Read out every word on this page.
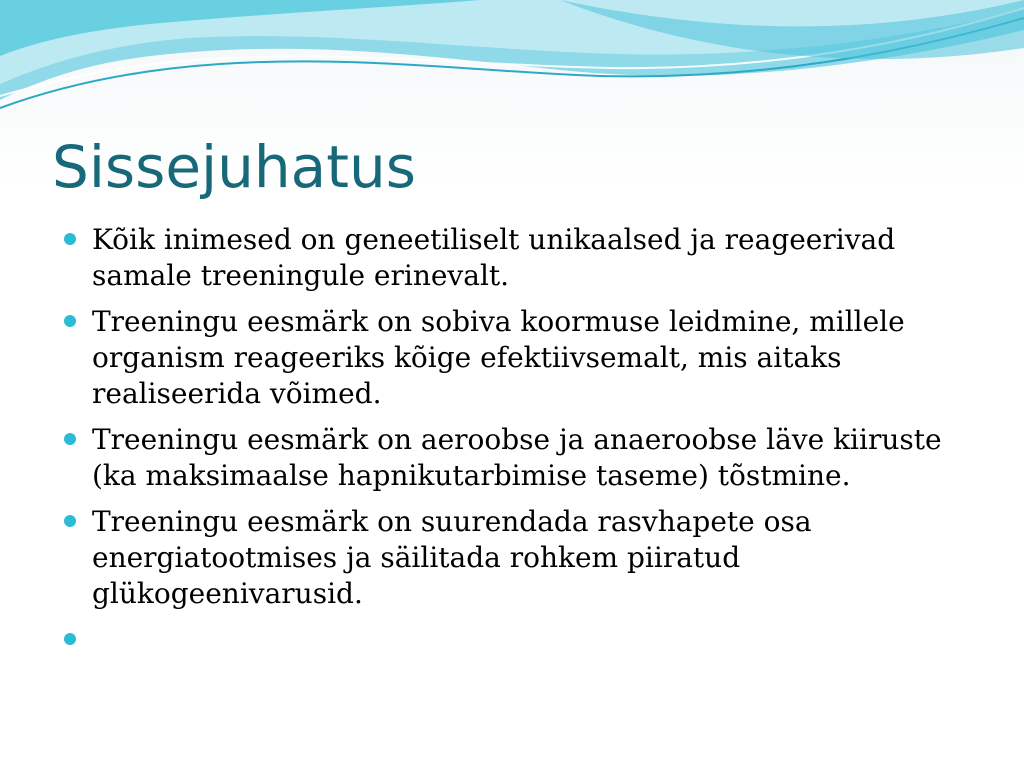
Sissejuhatus
Kõik inimesed on geneetiliselt unikaalsed ja reageerivad samale treeningule erinevalt.
Treeningu eesmärk on sobiva koormuse leidmine, millele organism reageeriks kõige efektiivsemalt, mis aitaks realiseerida võimed.
Treeningu eesmärk on aeroobse ja anaeroobse läve kiiruste (ka maksimaalse hapnikutarbimise taseme) tõstmine.
Treeningu eesmärk on suurendada rasvhapete osa energiatootmises ja säilitada rohkem piiratud glükogeenivarusid.
